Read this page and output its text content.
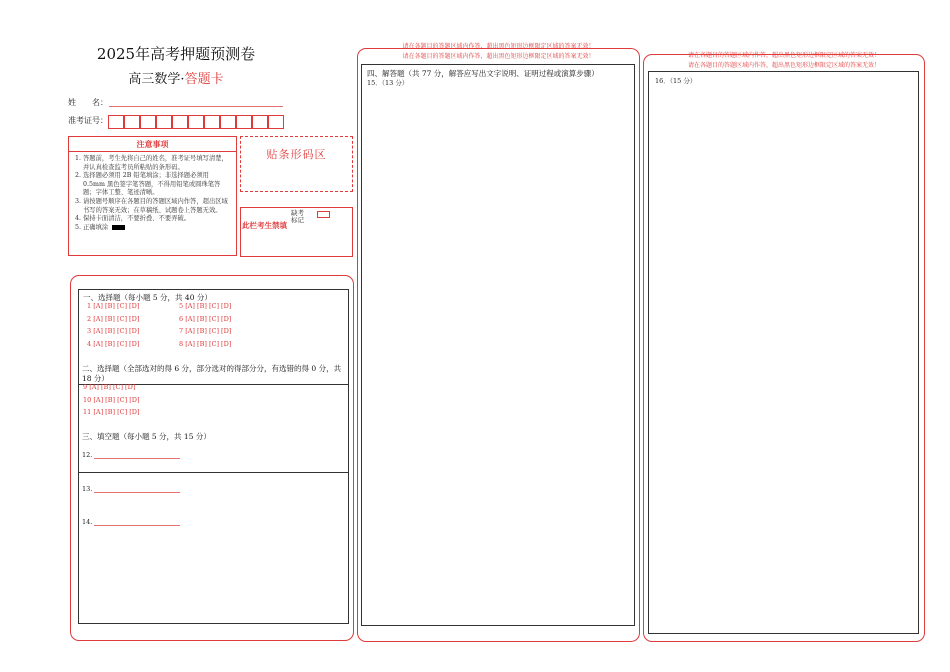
2025年高考押题预测卷
高三数学·答题卡
姓　　名：
准考证号：
注意事项
1. 答题前，考生先将自己的姓名，准考证号填写清楚，并认真检查监考员所粘贴的条形码。
2. 选择题必须用 2B 铅笔填涂；非选择题必须用 0.5mm 黑色签字笔答题，不得用铅笔或圆珠笔答题；字体工整、笔迹清晰。
3. 请按题号顺序在各题目的答题区域内作答，超出区域书写的答案无效；在草稿纸、试题卷上答题无效。
4. 保持卡面清洁，不要折叠、不要弄破。
5. 正确填涂
贴条形码区
缺考
标记
此栏考生禁填
一、选择题（每小题 5 分，共 40 分）
1 [A] [B] [C] [D]
2 [A] [B] [C] [D]
3 [A] [B] [C] [D]
4 [A] [B] [C] [D]
5 [A] [B] [C] [D]
6 [A] [B] [C] [D]
7 [A] [B] [C] [D]
8 [A] [B] [C] [D]
二、选择题（全部选对的得 6 分，部分选对的得部分分，有选错的得 0 分，共 18 分）
9 [A] [B] [C] [D]
10 [A] [B] [C] [D]
11 [A] [B] [C] [D]
三、填空题（每小题 5 分，共 15 分）
12.
13.
14.
请在各题目的答题区域内作答，超出黑色矩形边框限定区域的答案无效！
请在各题目的答题区域内作答，超出黑色矩形边框限定区域的答案无效！
四、解答题（共 77 分，解答应写出文字说明、证明过程或演算步骤）
15．（13 分）
请在各题目的答题区域内作答，超出黑色矩形边框限定区域的答案无效！
请在各题目的答题区域内作答，超出黑色矩形边框限定区域的答案无效！
16．（15 分）
